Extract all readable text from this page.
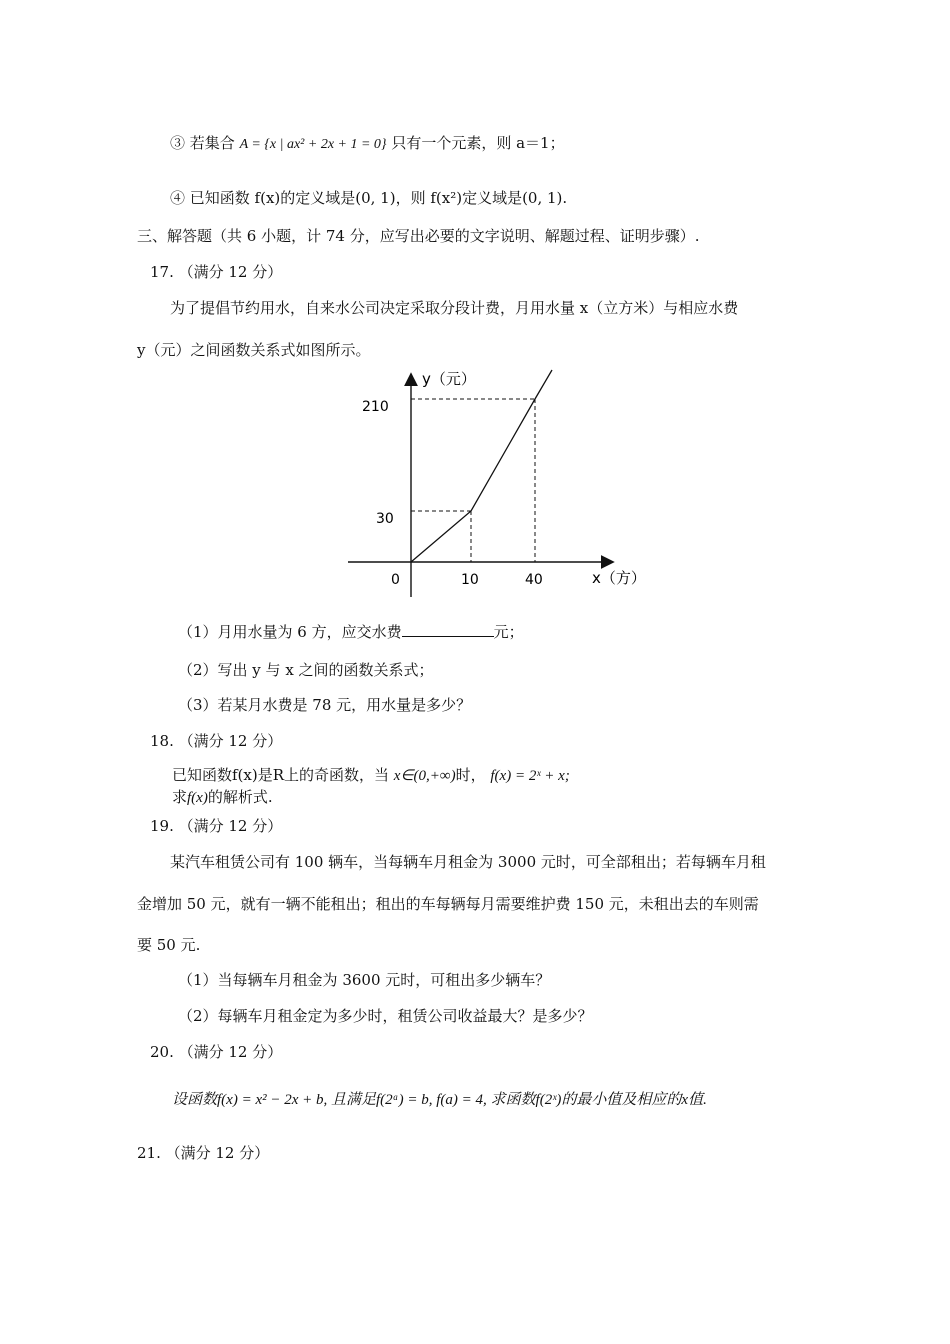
③ 若集合 A = {x | ax² + 2x + 1 = 0} 只有一个元素，则 a＝1；
④ 已知函数 f(x)的定义域是(0, 1)，则 f(x²)定义域是(0, 1).
三、解答题（共 6 小题，计 74 分，应写出必要的文字说明、解题过程、证明步骤）.
17. （满分 12 分）
为了提倡节约用水，自来水公司决定采取分段计费，月用水量 x（立方米）与相应水费
y（元）之间函数关系式如图所示。
y（元）
x（方）
0	10	40
30
210
（1）月用水量为 6 方，应交水费	元；
（2）写出 y 与 x 之间的函数关系式；
（3）若某月水费是 78 元，用水量是多少？
18. （满分 12 分）
已知函数f(x)是R上的奇函数，当 x∈(0,+∞)时， f(x) = 2ˣ + x;
求f(x)的解析式.
19. （满分 12 分）
某汽车租赁公司有 100 辆车，当每辆车月租金为 3000 元时，可全部租出；若每辆车月租
金增加 50 元，就有一辆不能租出；租出的车每辆每月需要维护费 150 元，未租出去的车则需
要 50 元.
（1）当每辆车月租金为 3600 元时，可租出多少辆车？
（2）每辆车月租金定为多少时，租赁公司收益最大？是多少？
20. （满分 12 分）
设函数f(x) = x² − 2x + b, 且满足f(2ᵃ) = b, f(a) = 4, 求函数f(2ˣ)的最小值及相应的x值.
21. （满分 12 分）
